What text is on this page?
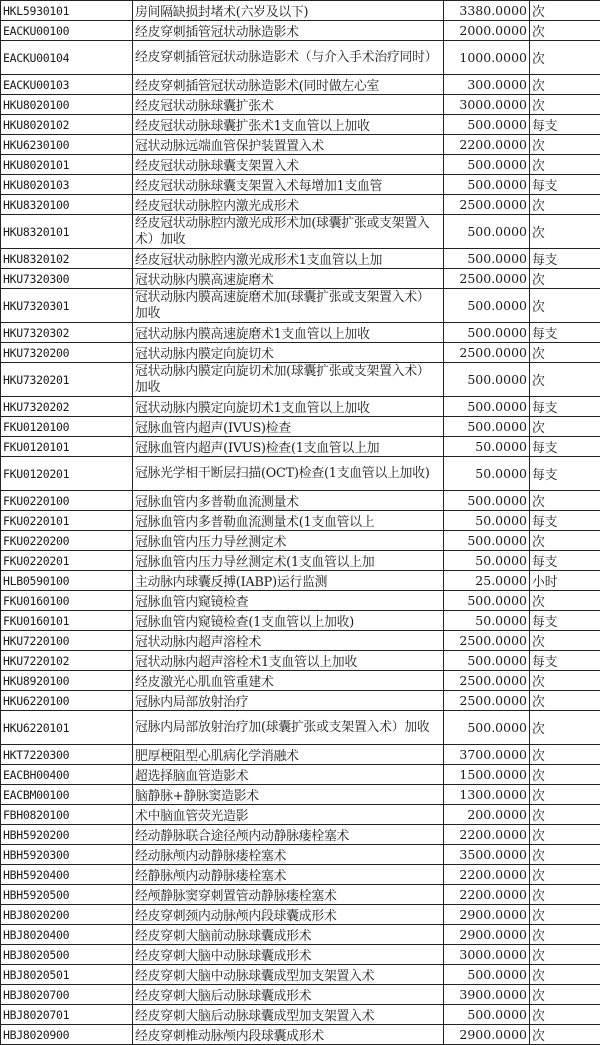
HKL5930101	房间隔缺损封堵术(六岁及以下)	3380.0000	次
EACKU00100	经皮穿刺插管冠状动脉造影术	2000.0000	次
EACKU00104	经皮穿刺插管冠状动脉造影术（与介入手术治疗同时）	1000.0000	次
EACKU00103	经皮穿刺插管冠状动脉造影术(同时做左心室	300.0000	次
HKU8020100	经皮冠状动脉球囊扩张术	3000.0000	次
HKU8020102	经皮冠状动脉球囊扩张术1支血管以上加收	500.0000	每支
HKU6230100	冠状动脉远端血管保护装置置入术	2200.0000	次
HKU8020101	经皮冠状动脉球囊支架置入术	500.0000	次
HKU8020103	经皮冠状动脉球囊支架置入术每增加1支血管	500.0000	每支
HKU8320100	经皮冠状动脉腔内激光成形术	2500.0000	次
HKU8320101	经皮冠状动脉腔内激光成形术加(球囊扩张或支架置入术）加收	500.0000	次
HKU8320102	经皮冠状动脉腔内激光成形术1支血管以上加	500.0000	每支
HKU7320300	冠状动脉内膜高速旋磨术	2500.0000	次
HKU7320301	冠状动脉内膜高速旋磨术加(球囊扩张或支架置入术）加收	500.0000	次
HKU7320302	冠状动脉内膜高速旋磨术1支血管以上加收	500.0000	每支
HKU7320200	冠状动脉内膜定向旋切术	2500.0000	次
HKU7320201	冠状动脉内膜定向旋切术加(球囊扩张或支架置入术）加收	500.0000	次
HKU7320202	冠状动脉内膜定向旋切术1支血管以上加收	500.0000	每支
FKU0120100	冠脉血管内超声(IVUS)检查	500.0000	次
FKU0120101	冠脉血管内超声(IVUS)检查(1支血管以上加	50.0000	每支
FKU0120201	冠脉光学相干断层扫描(OCT)检查(1支血管以上加收)	50.0000	每支
FKU0220100	冠脉血管内多普勒血流测量术	500.0000	次
FKU0220101	冠脉血管内多普勒血流测量术(1支血管以上	50.0000	每支
FKU0220200	冠脉血管内压力导丝测定术	500.0000	次
FKU0220201	冠脉血管内压力导丝测定术(1支血管以上加	50.0000	每支
HLB0590100	主动脉内球囊反搏(IABP)运行监测	25.0000	小时
FKU0160100	冠脉血管内窥镜检查	500.0000	次
FKU0160101	冠脉血管内窥镜检查(1支血管以上加收)	50.0000	每支
HKU7220100	冠状动脉内超声溶栓术	2500.0000	次
HKU7220102	冠状动脉内超声溶栓术1支血管以上加收	500.0000	每支
HKU8920100	经皮激光心肌血管重建术	2500.0000	次
HKU6220100	冠脉内局部放射治疗	2500.0000	次
HKU6220101	冠脉内局部放射治疗加(球囊扩张或支架置入术）加收	500.0000	次
HKT7220300	肥厚梗阻型心肌病化学消融术	3700.0000	次
EACBH00400	超选择脑血管造影术	1500.0000	次
EACBM00100	脑静脉+静脉窦造影术	1300.0000	次
FBH0820100	术中脑血管荧光造影	200.0000	次
HBH5920200	经动静脉联合途径颅内动静脉瘘栓塞术	2200.0000	次
HBH5920300	经动脉颅内动静脉瘘栓塞术	3500.0000	次
HBH5920400	经静脉颅内动静脉瘘栓塞术	2200.0000	次
HBH5920500	经颅静脉窦穿刺置管动静脉瘘栓塞术	2200.0000	次
HBJ8020200	经皮穿刺颈内动脉颅内段球囊成形术	2900.0000	次
HBJ8020400	经皮穿刺大脑前动脉球囊成形术	2900.0000	次
HBJ8020500	经皮穿刺大脑中动脉球囊成形术	3000.0000	次
HBJ8020501	经皮穿刺大脑中动脉球囊成型加支架置入术	500.0000	次
HBJ8020700	经皮穿刺大脑后动脉球囊成形术	3900.0000	次
HBJ8020701	经皮穿刺大脑后动脉球囊成型加支架置入术	500.0000	次
HBJ8020900	经皮穿刺椎动脉颅内段球囊成形术	2900.0000	次
